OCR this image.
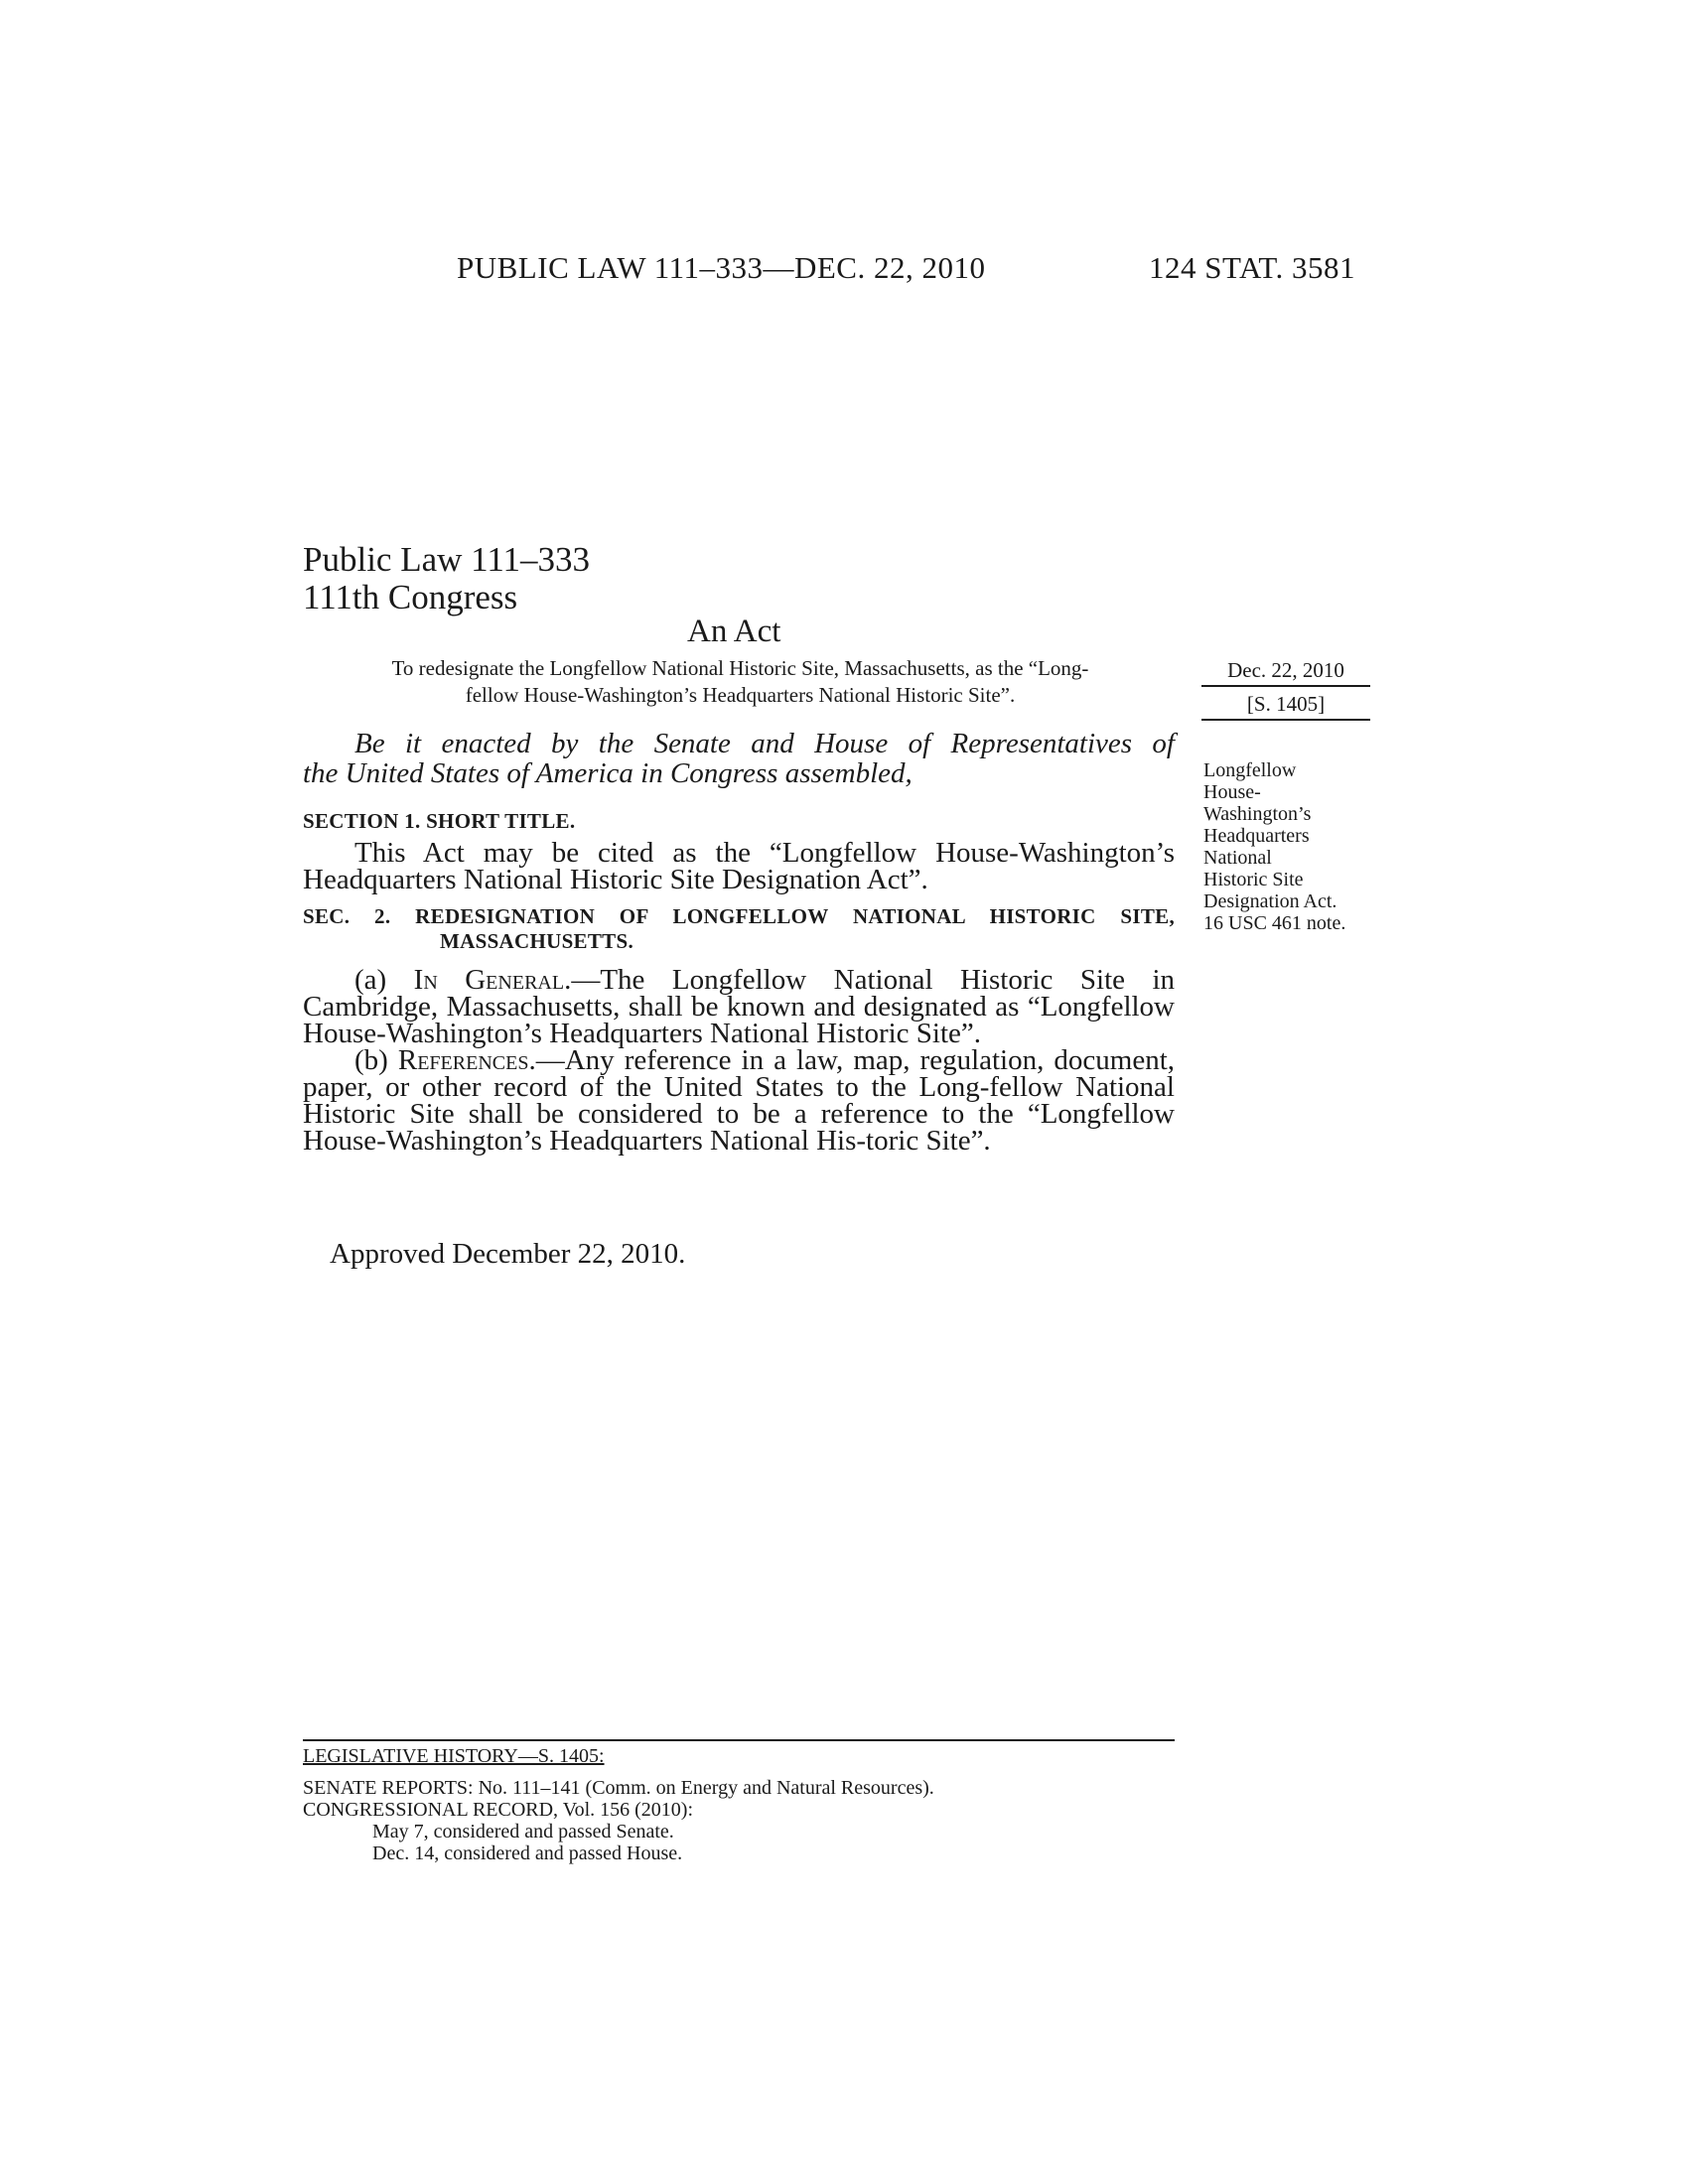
PUBLIC LAW 111–333—DEC. 22, 2010	124 STAT. 3581
Public Law 111–333
111th Congress
An Act
To redesignate the Longfellow National Historic Site, Massachusetts, as the “Long-
fellow House-Washington’s Headquarters National Historic Site”.
Dec. 22, 2010
[S. 1405]

Be it enacted by the Senate and House of Representatives of

the United States of America in Congress assembled,

SECTION 1. SHORT TITLE.

This Act may be cited as the “Longfellow House-Washington’s

Headquarters National Historic Site Designation Act”.

SEC. 2. REDESIGNATION OF LONGFELLOW NATIONAL HISTORIC SITE,
MASSACHUSETTS.

(a) In General.—The Longfellow National Historic Site in Cambridge, Massachusetts, shall be known and designated as “Longfellow House-Washington’s Headquarters National Historic Site”.

(b) References.—Any reference in a law, map, regulation, document, paper, or other record of the United States to the Long-fellow National Historic Site shall be considered to be a reference to the “Longfellow House-Washington’s Headquarters National His-toric Site”.

Approved December 22, 2010.

Longfellow

House-

Washington’s

Headquarters

National

Historic Site

Designation Act.

16 USC 461 note.

LEGISLATIVE HISTORY—S. 1405:

SENATE REPORTS: No. 111–141 (Comm. on Energy and Natural Resources).

CONGRESSIONAL RECORD, Vol. 156 (2010):

May 7, considered and passed Senate.

Dec. 14, considered and passed House.
